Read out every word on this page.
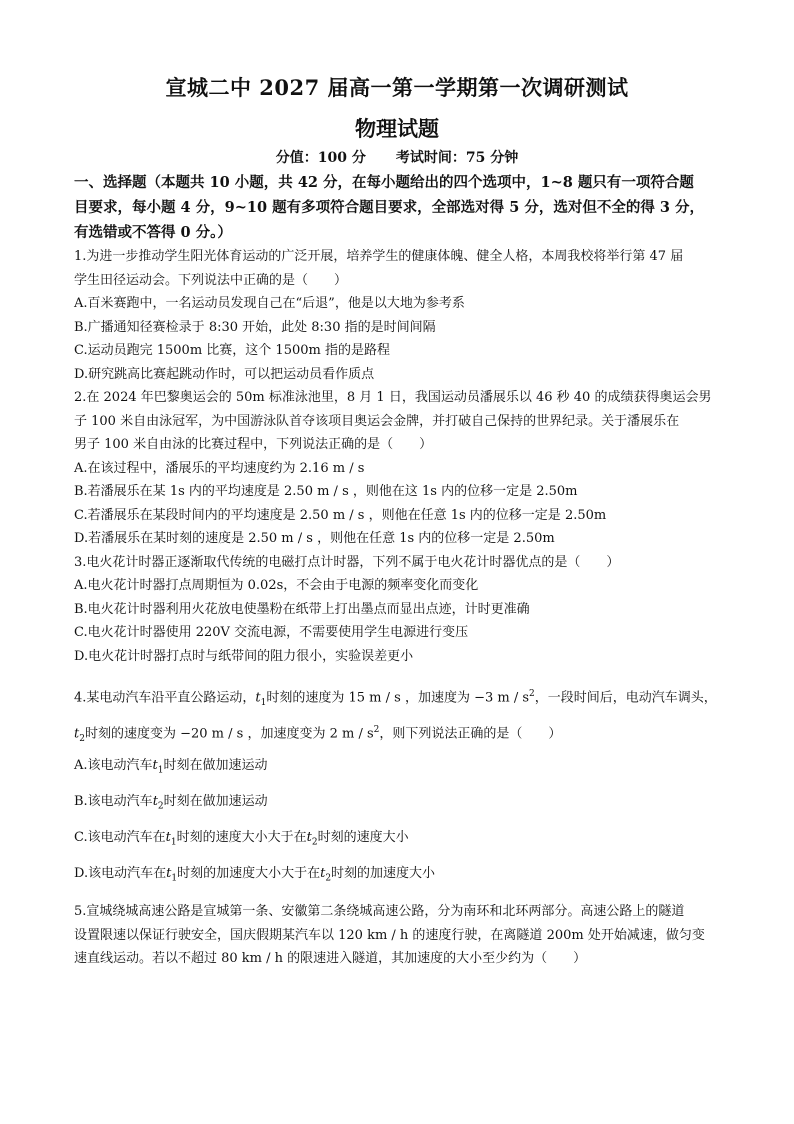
宣城二中 2027 届高一第一学期第一次调研测试
物理试题
分值：100 分 考试时间：75 分钟
一、选择题（本题共 10 小题，共 42 分，在每小题给出的四个选项中，1~8 题只有一项符合题
目要求，每小题 4 分，9~10 题有多项符合题目要求，全部选对得 5 分，选对但不全的得 3 分，
有选错或不答得 0 分。）
1.为进一步推动学生阳光体育运动的广泛开展，培养学生的健康体魄、健全人格，本周我校将举行第 47 届
学生田径运动会。下列说法中正确的是（　　）
A.百米赛跑中，一名运动员发现自己在“后退”，他是以大地为参考系
B.广播通知径赛检录于 8:30 开始，此处 8:30 指的是时间间隔
C.运动员跑完 1500m 比赛，这个 1500m 指的是路程
D.研究跳高比赛起跳动作时，可以把运动员看作质点
2.在 2024 年巴黎奥运会的 50m 标准泳池里，8 月 1 日，我国运动员潘展乐以 46 秒 40 的成绩获得奥运会男
子 100 米自由泳冠军，为中国游泳队首夺该项目奥运会金牌，并打破自己保持的世界纪录。关于潘展乐在
男子 100 米自由泳的比赛过程中，下列说法正确的是（　　）
A.在该过程中，潘展乐的平均速度约为 2.16 m / s
B.若潘展乐在某 1s 内的平均速度是 2.50 m / s ，则他在这 1s 内的位移一定是 2.50m
C.若潘展乐在某段时间内的平均速度是 2.50 m / s ，则他在任意 1s 内的位移一定是 2.50m
D.若潘展乐在某时刻的速度是 2.50 m / s ，则他在任意 1s 内的位移一定是 2.50m
3.电火花计时器正逐渐取代传统的电磁打点计时器，下列不属于电火花计时器优点的是（　　）
A.电火花计时器打点周期恒为 0.02s，不会由于电源的频率变化而变化
B.电火花计时器利用火花放电使墨粉在纸带上打出墨点而显出点迹，计时更准确
C.电火花计时器使用 220V 交流电源，不需要使用学生电源进行变压
D.电火花计时器打点时与纸带间的阻力很小，实验误差更小
4.某电动汽车沿平直公路运动，$t_1$时刻的速度为 15 m / s ，加速度为 −3 m / $s^2$，一段时间后，电动汽车调头，
$t_2$时刻的速度变为 −20 m / s ，加速度变为 2 m / $s^2$，则下列说法正确的是（　　）
A.该电动汽车$t_1$时刻在做加速运动
B.该电动汽车$t_2$时刻在做加速运动
C.该电动汽车在$t_1$时刻的速度大小大于在$t_2$时刻的速度大小
D.该电动汽车在$t_1$时刻的加速度大小大于在$t_2$时刻的加速度大小
5.宣城绕城高速公路是宣城第一条、安徽第二条绕城高速公路，分为南环和北环两部分。高速公路上的隧道
设置限速以保证行驶安全，国庆假期某汽车以 120 km / h 的速度行驶，在离隧道 200m 处开始减速，做匀变
速直线运动。若以不超过 80 km / h 的限速进入隧道，其加速度的大小至少约为（　　）
